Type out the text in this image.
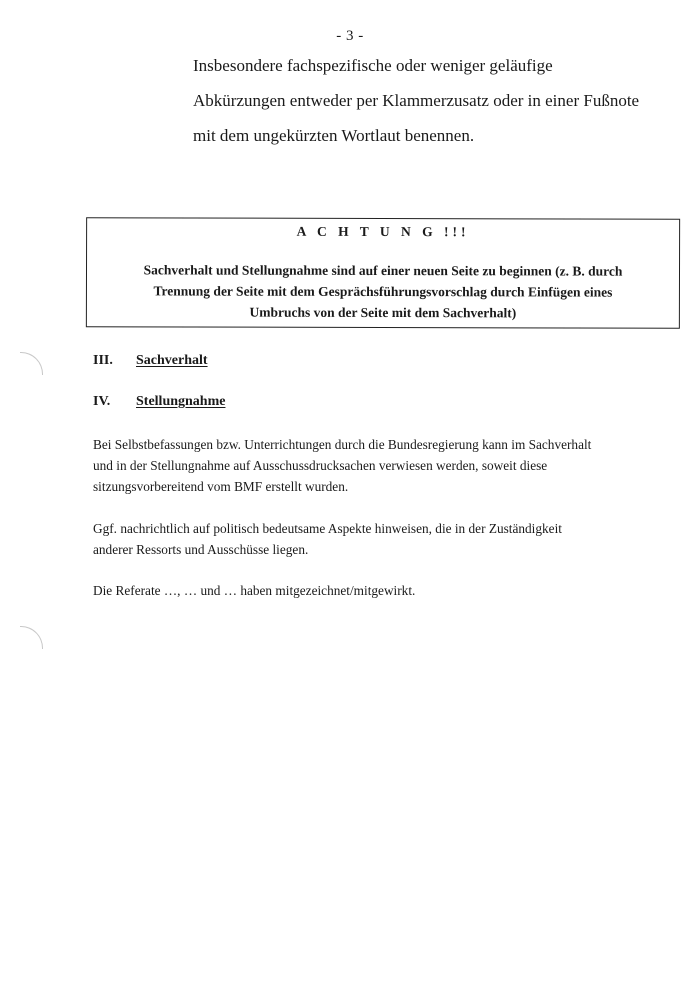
- 3 -
Insbesondere fachspezifische oder weniger geläufige
Abkürzungen entweder per Klammerzusatz oder in einer Fußnote
mit dem ungekürzten Wortlaut benennen.
A C H T U N G !!!
Sachverhalt und Stellungnahme sind auf einer neuen Seite zu beginnen (z. B. durch
Trennung der Seite mit dem Gesprächsführungsvorschlag durch Einfügen eines
Umbruchs von der Seite mit dem Sachverhalt)
III. Sachverhalt
IV. Stellungnahme
Bei Selbstbefassungen bzw. Unterrichtungen durch die Bundesregierung kann im Sachverhalt
und in der Stellungnahme auf Ausschussdrucksachen verwiesen werden, soweit diese
sitzungsvorbereitend vom BMF erstellt wurden.
Ggf. nachrichtlich auf politisch bedeutsame Aspekte hinweisen, die in der Zuständigkeit
anderer Ressorts und Ausschüsse liegen.
Die Referate …, … und … haben mitgezeichnet/mitgewirkt.
